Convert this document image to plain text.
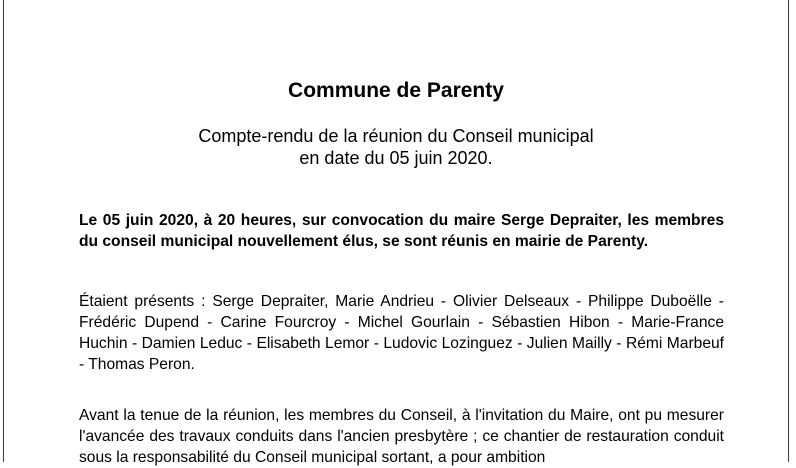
Commune de Parenty
Compte-rendu de la réunion du Conseil municipal
en date du 05 juin 2020.
Le 05 juin 2020, à 20 heures, sur convocation du maire Serge Depraiter, les membres du conseil municipal nouvellement élus, se sont réunis en mairie de Parenty.
Étaient présents : Serge Depraiter, Marie Andrieu - Olivier Delseaux - Philippe Duboëlle - Frédéric Dupend - Carine Fourcroy - Michel Gourlain - Sébastien Hibon - Marie-France Huchin - Damien Leduc - Elisabeth Lemor - Ludovic Lozinguez - Julien Mailly - Rémi Marbeuf - Thomas Peron.
Avant la tenue de la réunion, les membres du Conseil, à l'invitation du Maire, ont pu mesurer l'avancée des travaux conduits dans l'ancien presbytère ; ce chantier de restauration conduit sous la responsabilité du Conseil municipal sortant, a pour ambition
